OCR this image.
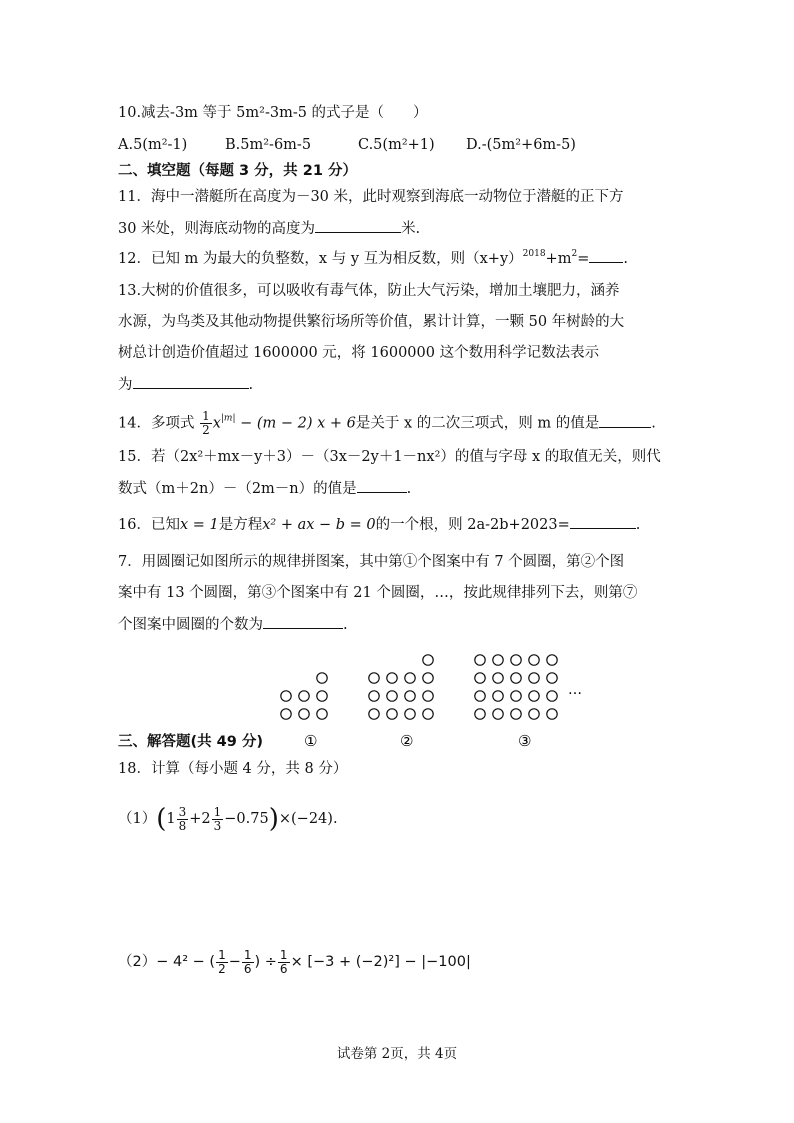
10.减去-3m 等于 5m²-3m-5 的式子是（　　）
A.5(m²-1)	B.5m²-6m-5	C.5(m²+1) D.-(5m²+6m-5)
二、填空题（每题 3 分，共 21 分）
11．海中一潜艇所在高度为－30 米，此时观察到海底一动物位于潜艇的正下方
30 米处，则海底动物的高度为	米.
12．已知 m 为最大的负整数，x 与 y 互为相反数，则$(x+y)^{2018}+m^2=$ .
13.大树的价值很多，可以吸收有毒气体，防止大气污染，增加土壤肥力，涵养
水源，为鸟类及其他动物提供繁衍场所等价值，累计计算，一颗 50 年树龄的大
树总计创造价值超过 1600000 元，将 1600000 这个数用科学记数法表示
为	.
14．多项式 $\frac{1}{2} x^{|m|} - (m - 2) x + 6$是关于 x 的二次三项式，则 m 的值是	.
15．若（2x²＋mx－y＋3）－（3x－2y＋1－nx²）的值与字母 x 的取值无关，则代
数式（m＋2n）－（2m－n）的值是	.
16．已知x = 1是方程x² + ax − b = 0的一个根，则 2a-2b+2023=	.
7．用圆圈记如图所示的规律拼图案，其中第①个图案中有 7 个圆圈，第②个图
案中有 13 个圆圈，第③个图案中有 21 个圆圈，…，按此规律排列下去，则第⑦
个图案中圆圈的个数为	.
①	②	③
…
三、解答题(共 49 分)
18．计算（每小题 4 分，共 8 分）
$(1)(1 \frac{3}{8} +2 \frac{1}{3} -0.75)\times(-24)$.
（2）− 4² − ( $\frac{1}{2} - \frac{1}{6}$ ) ÷ $\frac{1}{6} \times [-3 + (-2)^2] - |-100|$
试卷第 2页，共 4页
